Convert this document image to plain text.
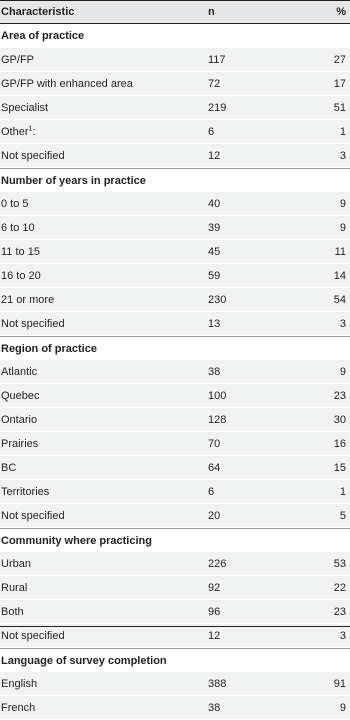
Characteristic	n	%
Area of practice
GP/FP	117	27
GP/FP with enhanced area	72	17
Specialist	219	51
Other$^1$:	6	1
Not specified	12	3
Number of years in practice
0 to 5	40	9
6 to 10	39	9
11 to 15	45	11
16 to 20	59	14
21 or more	230	54
Not specified	13	3
Region of practice
Atlantic	38	9
Quebec	100	23
Ontario	128	30
Prairies	70	16
BC	64	15
Territories	6	1
Not specified	20	5
Community where practicing
Urban	226	53
Rural	92	22
Both	96	23
Not specified	12	3
Language of survey completion
English	388	91
French	38	9
